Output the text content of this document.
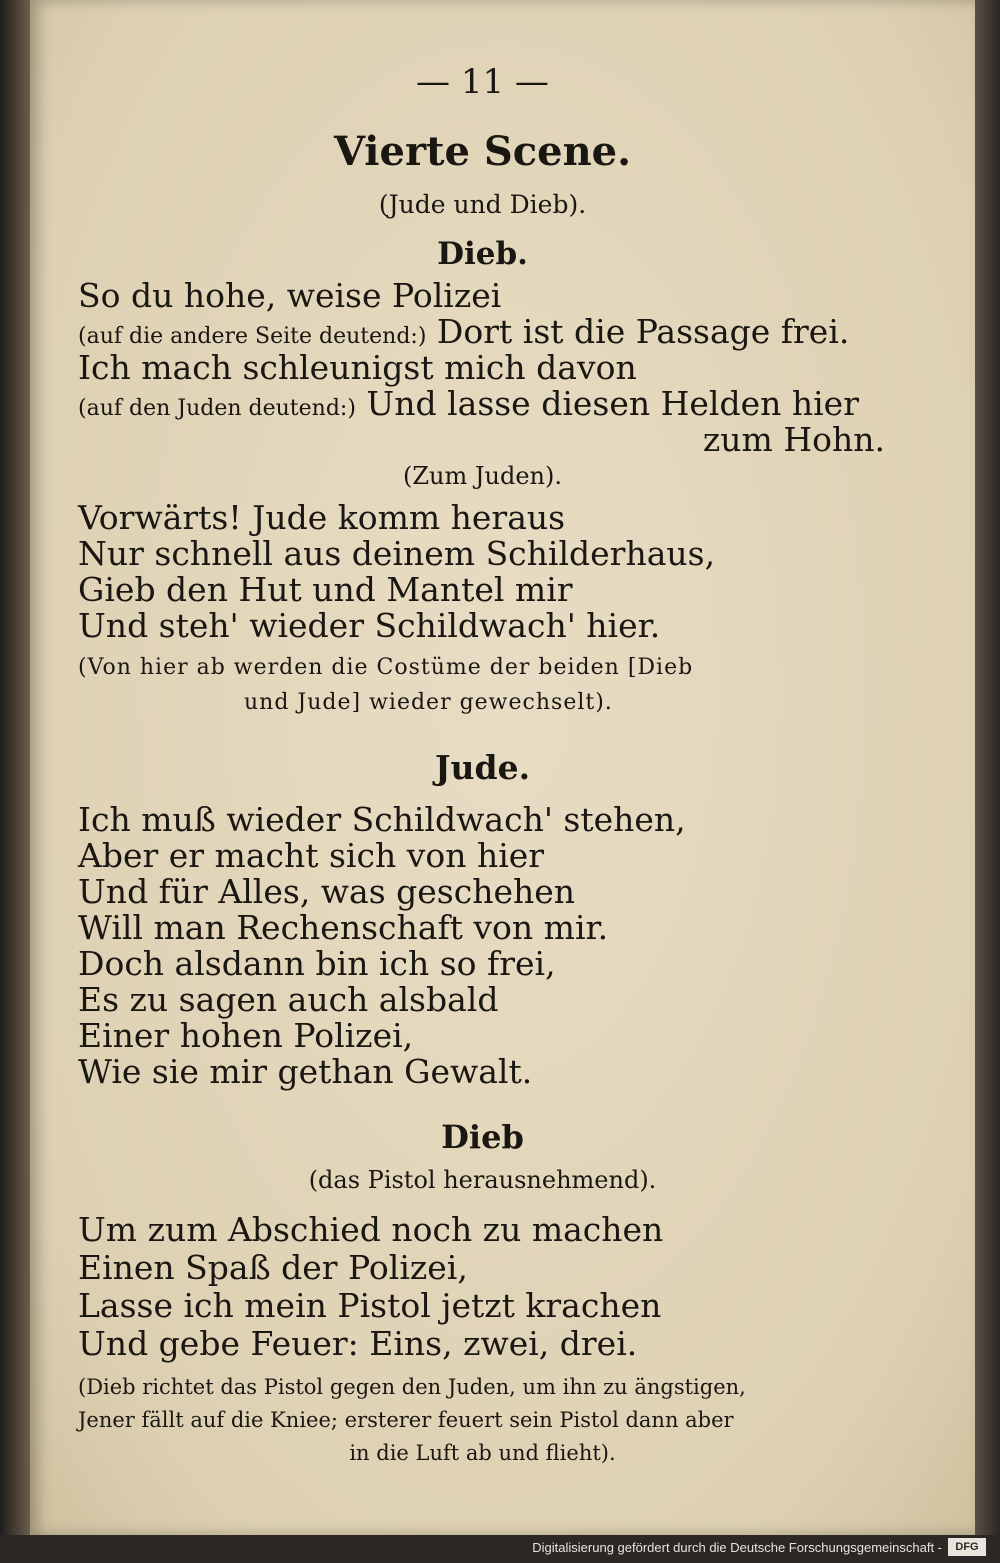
— 11 —
Vierte Scene.
(Jude und Dieb).
Dieb.
So du hohe, weise Polizei
(auf die andere Seite deutend:) Dort ist die Passage frei.
Ich mach schleunigst mich davon
(auf den Juden deutend:) Und lasse diesen Helden hier
zum Hohn.
(Zum Juden).
Vorwärts! Jude komm heraus
Nur schnell aus deinem Schilderhaus,
Gieb den Hut und Mantel mir
Und steh' wieder Schildwach' hier.
(Von hier ab werden die Costüme der beiden [Dieb
und Jude] wieder gewechselt).
Jude.
Ich muß wieder Schildwach' stehen,
Aber er macht sich von hier
Und für Alles, was geschehen
Will man Rechenschaft von mir.
Doch alsdann bin ich so frei,
Es zu sagen auch alsbald
Einer hohen Polizei,
Wie sie mir gethan Gewalt.
Dieb
(das Pistol herausnehmend).
Um zum Abschied noch zu machen
Einen Spaß der Polizei,
Lasse ich mein Pistol jetzt krachen
Und gebe Feuer: Eins, zwei, drei.
(Dieb richtet das Pistol gegen den Juden, um ihn zu ängstigen,
Jener fällt auf die Kniee; ersterer feuert sein Pistol dann aber
in die Luft ab und flieht).
Digitalisierung gefördert durch die Deutsche Forschungsgemeinschaft -	DFG
